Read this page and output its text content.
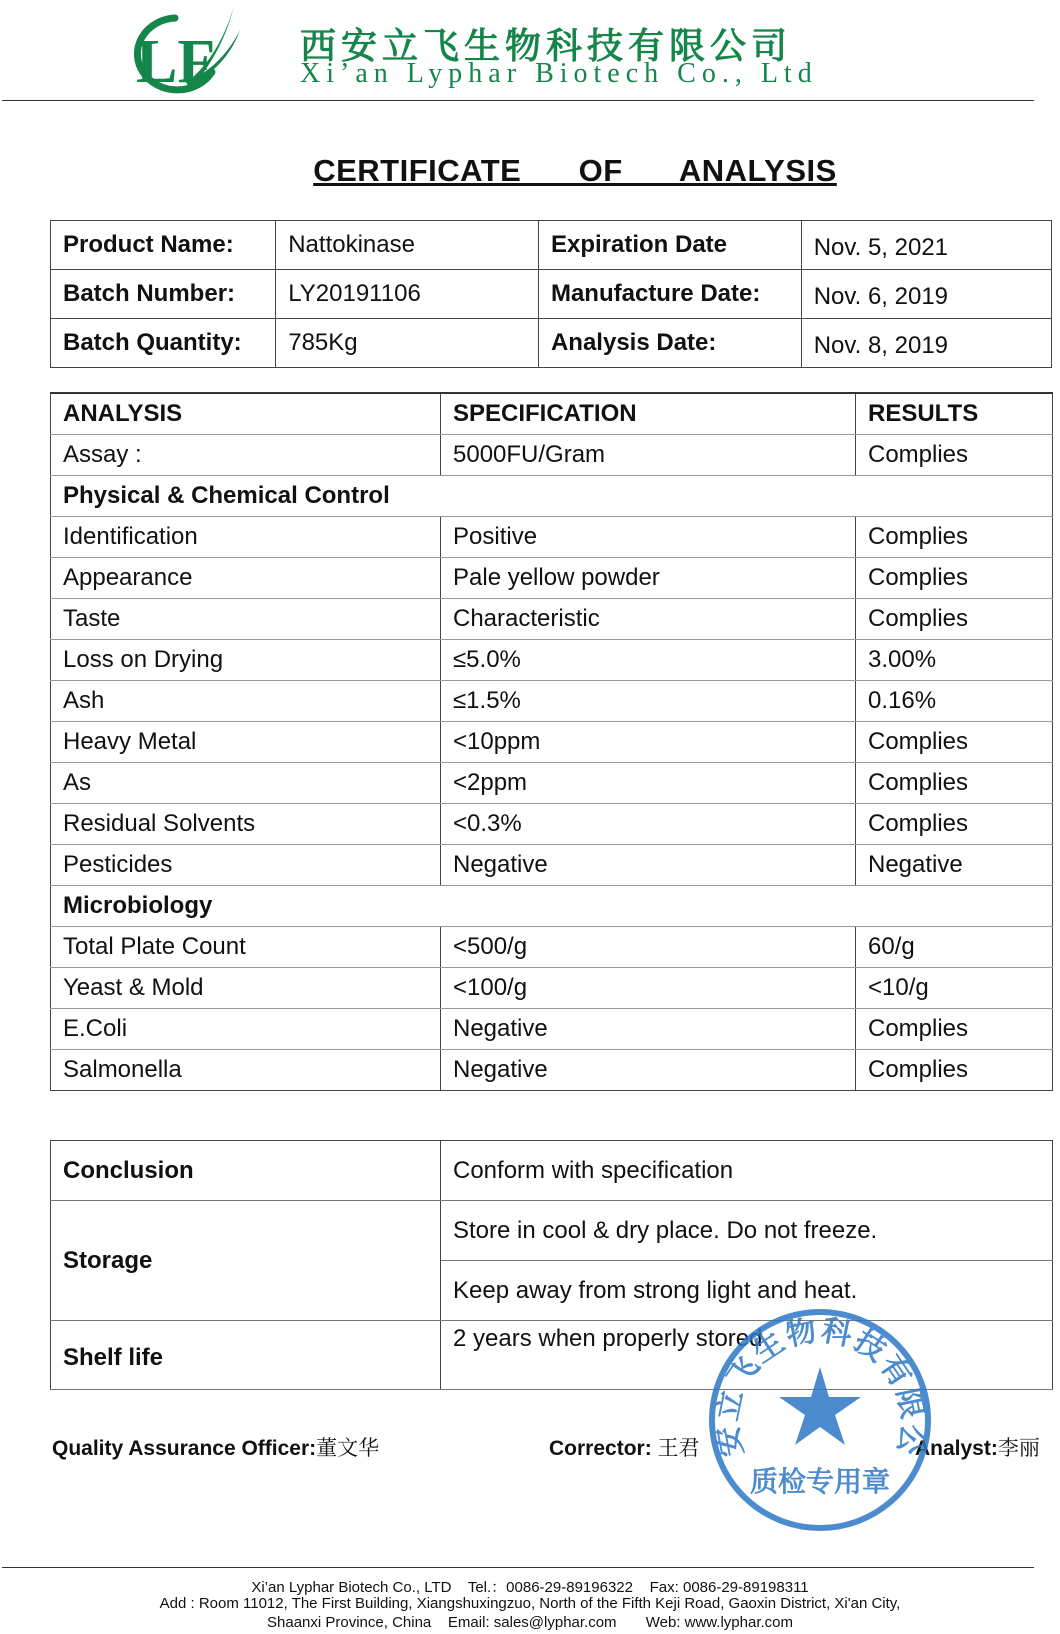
LF 西安立飞生物科技有限公司
Xi’an Lyphar Biotech Co., Ltd
CERTIFICATE   OF   ANALYSIS
Product Name:	Nattokinase	Expiration Date	Nov. 5, 2021
Batch Number:	LY20191106	Manufacture Date:	Nov. 6, 2019
Batch Quantity:	785Kg	Analysis Date:	Nov. 8, 2019
ANALYSIS	SPECIFICATION	RESULTS
Assay :	5000FU/Gram	Complies
Physical & Chemical Control		
Identification	Positive	Complies
Appearance	Pale yellow powder	Complies
Taste	Characteristic	Complies
Loss on Drying	≤5.0%	3.00%
Ash	≤1.5%	0.16%
Heavy Metal	<10ppm	Complies
As	<2ppm	Complies
Residual Solvents	<0.3%	Complies
Pesticides	Negative	Negative
Microbiology		
Total Plate Count	<500/g	60/g
Yeast & Mold	<100/g	<10/g
E.Coli	Negative	Complies
Salmonella	Negative	Complies
Conclusion	Conform with specification
Storage	Store in cool & dry place. Do not freeze.
	Keep away from strong light and heat.
Shelf life	2 years when properly stored
Quality Assurance Officer:董文华	Corrector: 王君	Analyst:李丽
安立飞生物科技有限公
质检专用章
Xi’an Lyphar Biotech Co., LTD    Tel.：0086-29-89196322    Fax: 0086-29-89198311
Add : Room 11012, The First Building, Xiangshuxingzuo, North of the Fifth Keji Road, Gaoxin District, Xi'an City,
Shaanxi Province, China    Email: sales@lyphar.com       Web: www.lyphar.com
